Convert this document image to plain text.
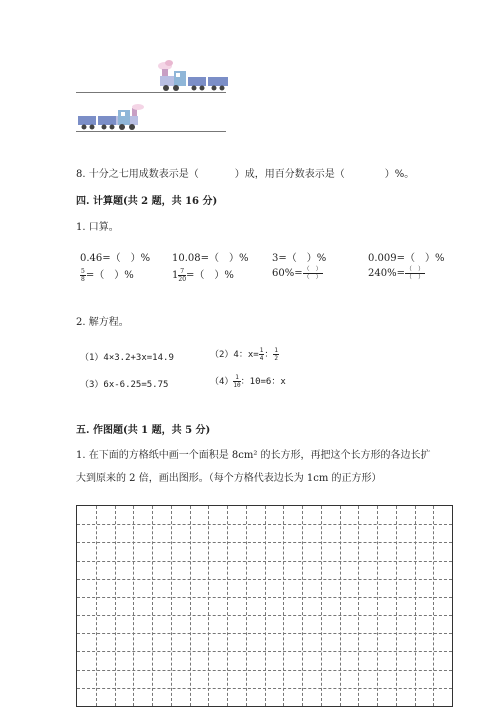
8. 十分之七用成数表示是（	）成，用百分数表示是（	）%。
四. 计算题(共 2 题，共 16 分)
1. 口算。
0.46=（　）% 10.08=（　）% 3=（　）%	0.009=（　）%
$\frac{5}{8}$ =（　）%	$1 \frac{7}{20}$ =（　）%	$60\%= \frac{( )}{( )}$	$240\%= \frac{( )}{( )}$
2. 解方程。
（1）4×3.2+3x=14.9	（2）4：$x= \frac{1}{4}$ ： $\frac{1}{2}$
（3）6x-6.25=5.75	$(4) \frac{1}{10}$ ：10=6：x
五. 作图题(共 1 题，共 5 分)
1. 在下面的方格纸中画一个面积是 8cm² 的长方形，再把这个长方形的各边长扩
大到原来的 2 倍，画出图形。（每个方格代表边长为 1cm 的正方形）
